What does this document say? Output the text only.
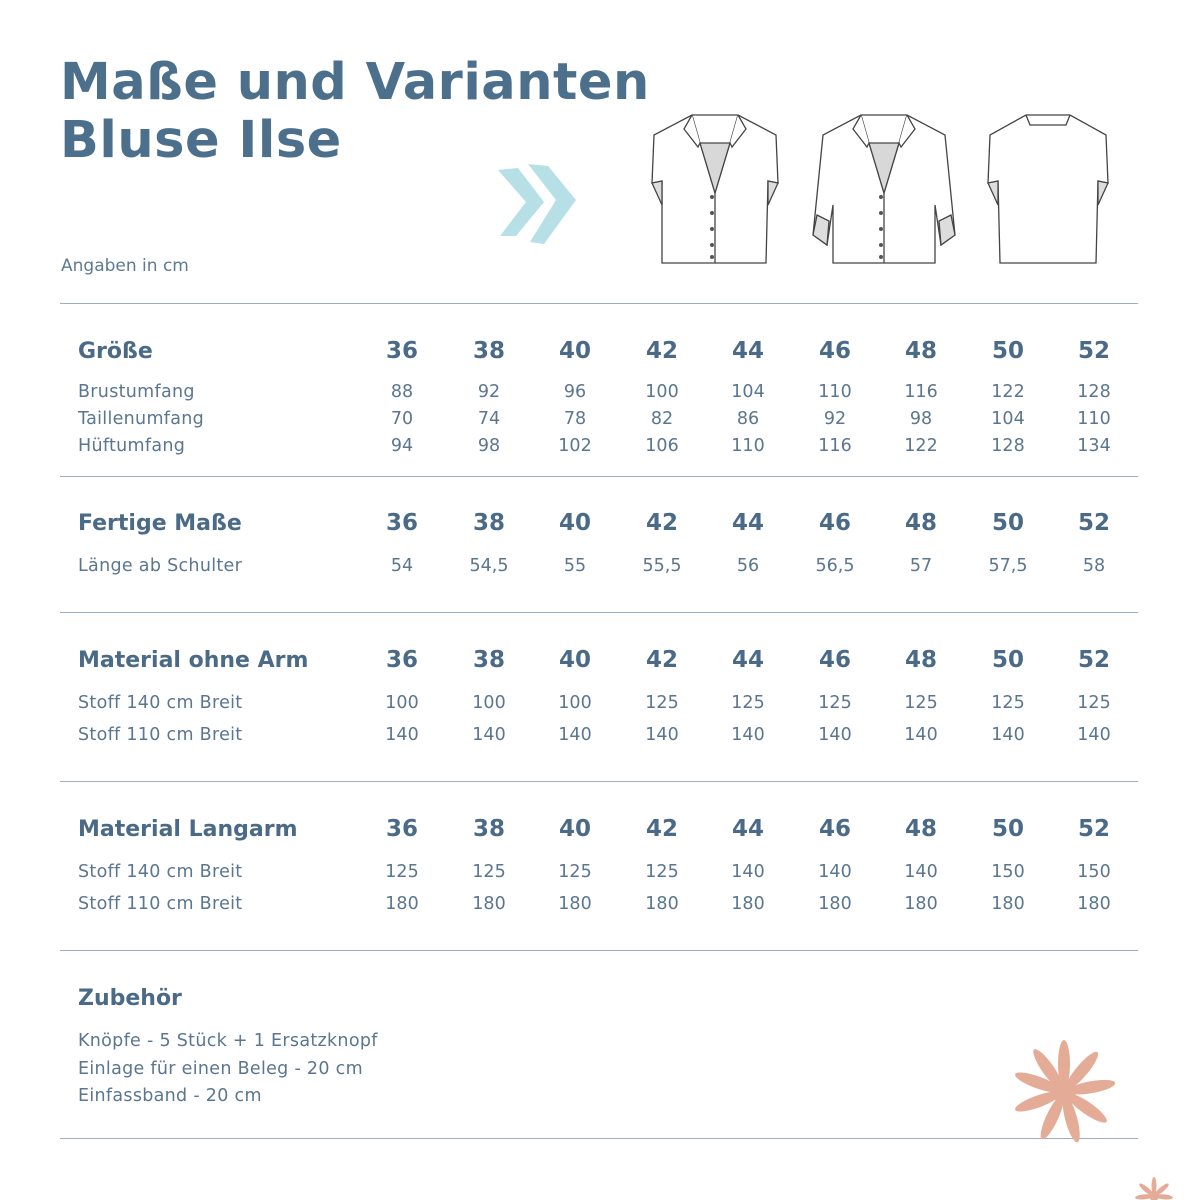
Maße und Varianten
Bluse Ilse
Angaben in cm
Größe	36	38	40	42	44	46	48	50	52
Brustumfang	88	92	96	100	104	110	116	122	128
Taillenumfang	70	74	78	82	86	92	98	104	110
Hüftumfang	94	98	102	106	110	116	122	128	134
Fertige Maße	36	38	40	42	44	46	48	50	52
Länge ab Schulter	54	54,5	55	55,5	56	56,5	57	57,5	58
Material ohne Arm	36	38	40	42	44	46	48	50	52
Stoff 140 cm Breit	100	100	100	125	125	125	125	125	125
Stoff 110 cm Breit	140	140	140	140	140	140	140	140	140
Material Langarm	36	38	40	42	44	46	48	50	52
Stoff 140 cm Breit	125	125	125	125	140	140	140	150	150
Stoff 110 cm Breit	180	180	180	180	180	180	180	180	180
Zubehör
Knöpfe - 5 Stück + 1 Ersatzknopf
Einlage für einen Beleg - 20 cm
Einfassband - 20 cm
